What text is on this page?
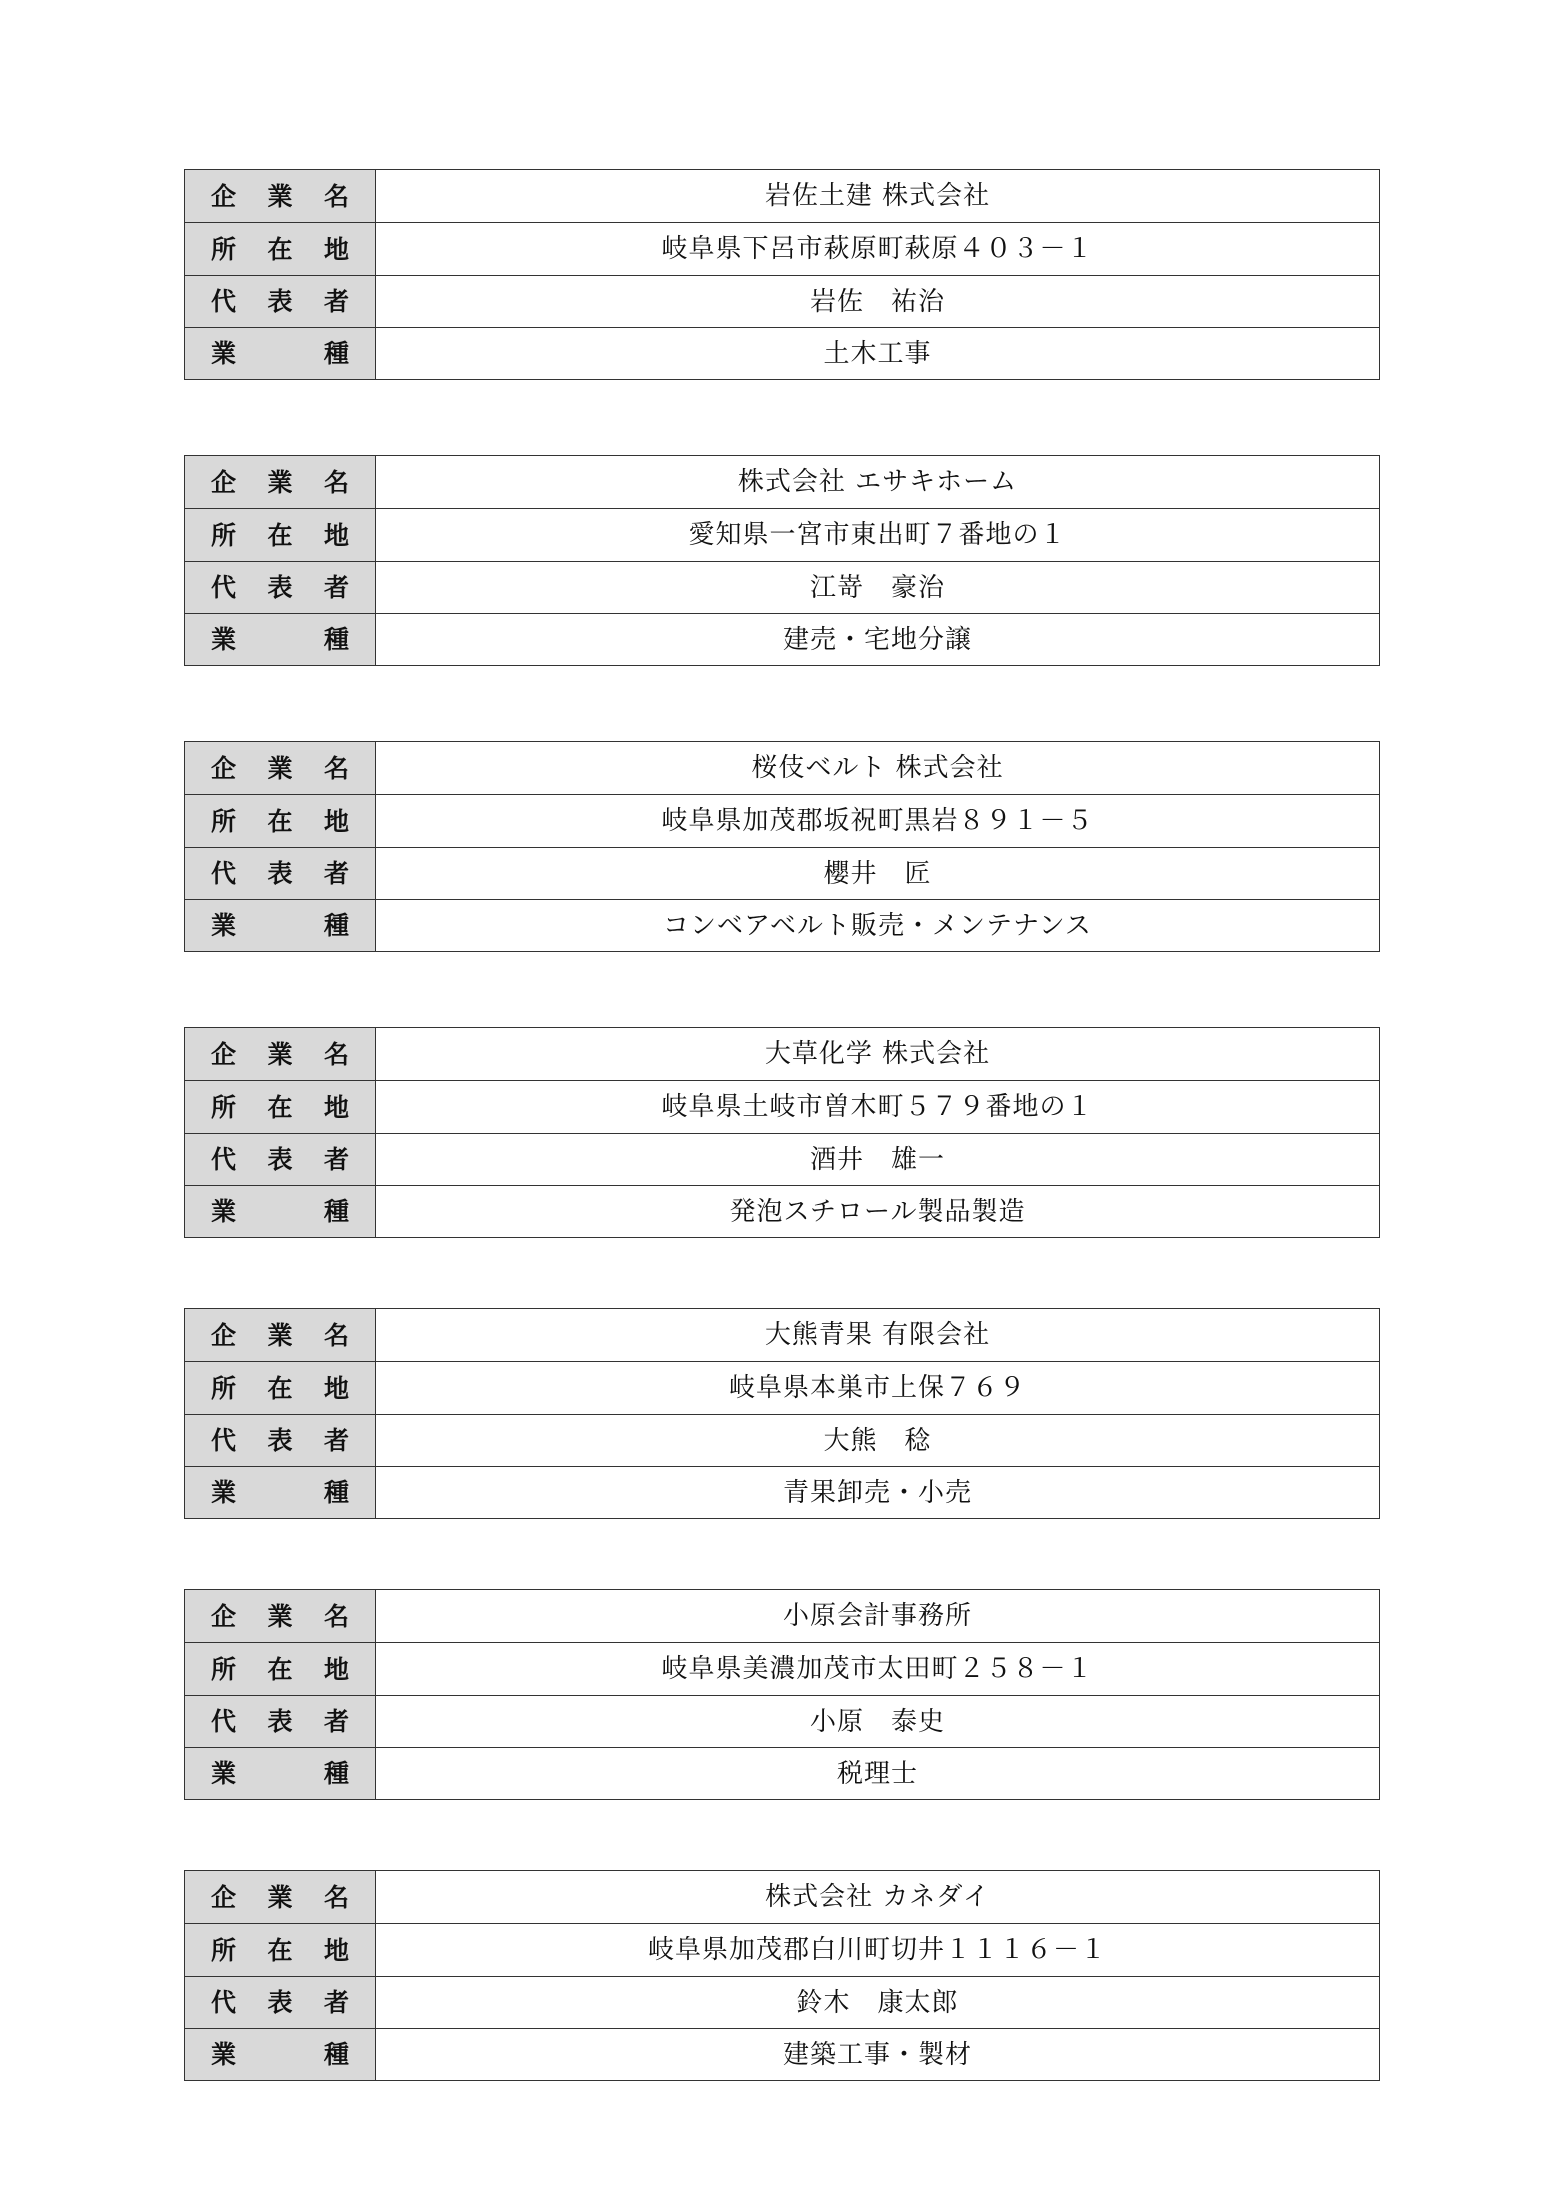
企 業 名	岩佐土建 株式会社

所 在 地	岐阜県下呂市萩原町萩原４０３－１

代 表 者	岩佐　祐治

業 種	土木工事
企 業 名	株式会社 エサキホーム

所 在 地	愛知県一宮市東出町７番地の１

代 表 者	江嵜　豪治

業 種	建売・宅地分譲
企 業 名	桜伎ベルト 株式会社

所 在 地	岐阜県加茂郡坂祝町黒岩８９１－５

代 表 者	櫻井　匠

業 種	コンベアベルト販売・メンテナンス
企 業 名	大草化学 株式会社

所 在 地	岐阜県土岐市曽木町５７９番地の１

代 表 者	酒井　雄一

業 種	発泡スチロール製品製造
企 業 名	大熊青果 有限会社

所 在 地	岐阜県本巣市上保７６９

代 表 者	大熊　稔

業 種	青果卸売・小売
企 業 名	小原会計事務所

所 在 地	岐阜県美濃加茂市太田町２５８－１

代 表 者	小原　泰史

業 種	税理士
企 業 名	株式会社 カネダイ

所 在 地	岐阜県加茂郡白川町切井１１１６－１

代 表 者	鈴木　康太郎

業 種	建築工事・製材
